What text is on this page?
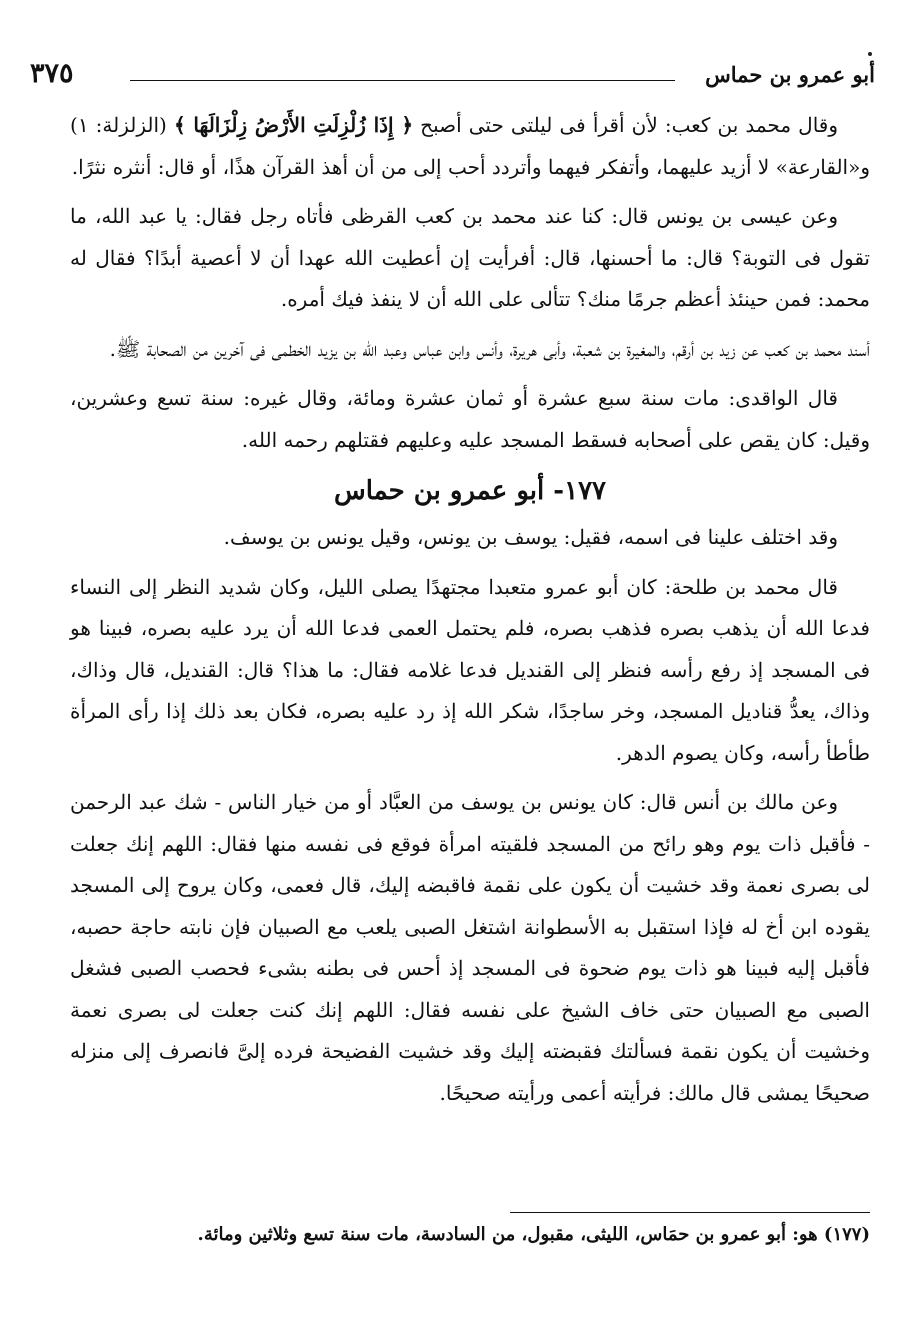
أبو عمرو بن حماس
٣٧٥

وقال محمد بن كعب: لأن أقرأ فى ليلتى حتى أصبح ﴿ إِذَا زُلْزِلَتِ الأَرْضُ زِلْزَالَهَا ﴾ (الزلزلة: ١) و«القارعة» لا أزيد عليهما، وأتفكر فيهما وأتردد أحب إلى من أن أهذ القرآن هذًا، أو قال: أنثره نثرًا.

وعن عيسى بن يونس قال: كنا عند محمد بن كعب القرظى فأتاه رجل فقال: يا عبد الله، ما تقول فى التوبة؟ قال: ما أحسنها، قال: أفرأيت إن أعطيت الله عهدا أن لا أعصية أبدًا؟ فقال له محمد: فمن حينئذ أعظم جرمًا منك؟ تتألى على الله أن لا ينفذ فيك أمره.

أسند محمد بن كعب عن زيد بن أرقم، والمغيرة بن شعبة، وأبى هريرة، وأنس وابن عباس وعبد الله بن يزيد الخطمى فى آخرين من الصحابة ﷺ.

قال الواقدى: مات سنة سبع عشرة أو ثمان عشرة ومائة، وقال غيره: سنة تسع وعشرين، وقيل: كان يقص على أصحابه فسقط المسجد عليه وعليهم فقتلهم رحمه الله.

١٧٧- أبو عمرو بن حماس

وقد اختلف علينا فى اسمه، فقيل: يوسف بن يونس، وقيل يونس بن يوسف.

قال محمد بن طلحة: كان أبو عمرو متعبدا مجتهدًا يصلى الليل، وكان شديد النظر إلى النساء فدعا الله أن يذهب بصره فذهب بصره، فلم يحتمل العمى فدعا الله أن يرد عليه بصره، فبينا هو فى المسجد إذ رفع رأسه فنظر إلى القنديل فدعا غلامه فقال: ما هذا؟ قال: القنديل، قال وذاك، وذاك، يعدُّ قناديل المسجد، وخر ساجدًا، شكر الله إذ رد عليه بصره، فكان بعد ذلك إذا رأى المرأة طأطأ رأسه، وكان يصوم الدهر.

وعن مالك بن أنس قال: كان يونس بن يوسف من العبَّاد أو من خيار الناس - شك عبد الرحمن - فأقبل ذات يوم وهو رائح من المسجد فلقيته امرأة فوقع فى نفسه منها فقال: اللهم إنك جعلت لى بصرى نعمة وقد خشيت أن يكون على نقمة فاقبضه إليك، قال فعمى، وكان يروح إلى المسجد يقوده ابن أخ له فإذا استقبل به الأسطوانة اشتغل الصبى يلعب مع الصبيان فإن نابته حاجة حصبه، فأقبل إليه فبينا هو ذات يوم ضحوة فى المسجد إذ أحس فى بطنه بشىء فحصب الصبى فشغل الصبى مع الصبيان حتى خاف الشيخ على نفسه فقال: اللهم إنك كنت جعلت لى بصرى نعمة وخشيت أن يكون نقمة فسألتك فقبضته إليك وقد خشيت الفضيحة فرده إلىَّ فانصرف إلى منزله صحيحًا يمشى قال مالك: فرأيته أعمى ورأيته صحيحًا.

(١٧٧) هو: أبو عمرو بن حمَاس، الليثى، مقبول، من السادسة، مات سنة تسع وثلاثين ومائة.
